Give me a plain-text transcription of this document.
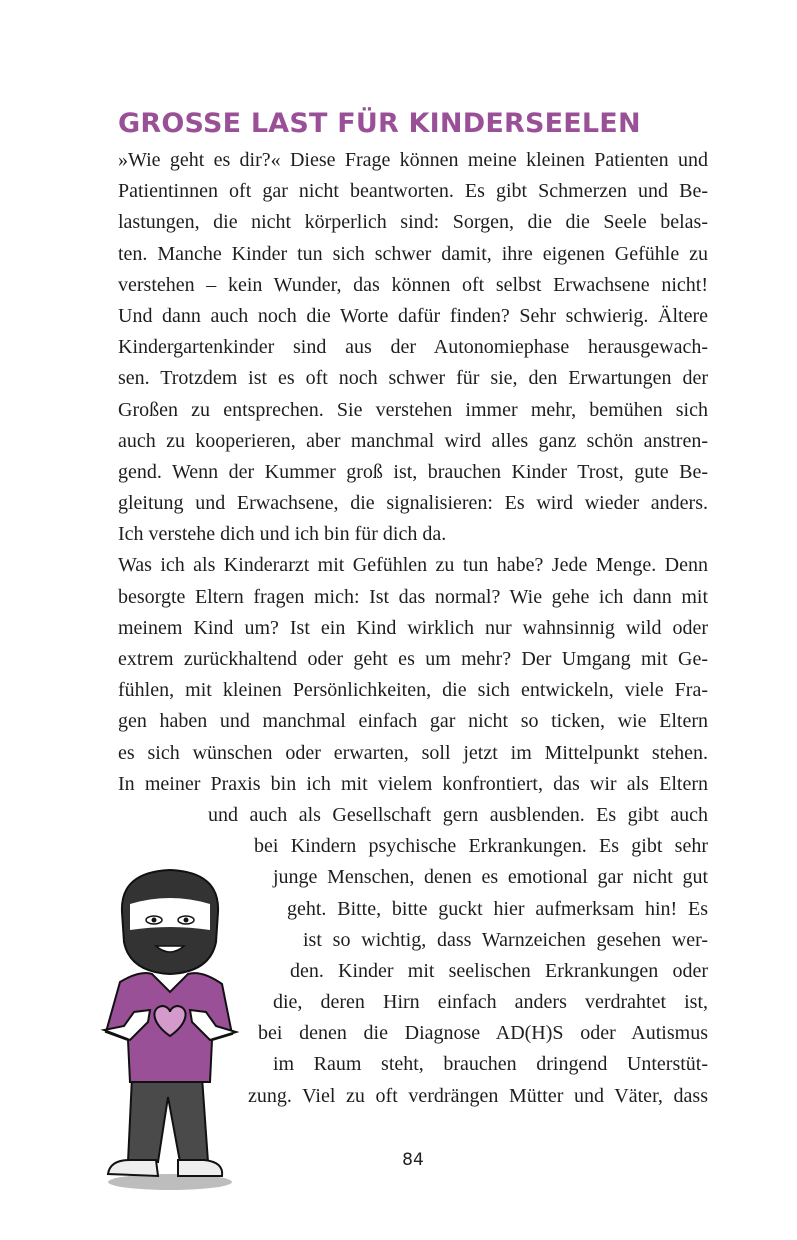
GROSSE LAST FÜR KINDERSEELEN
»Wie geht es dir?« Diese Frage können meine kleinen Patienten und
Patientinnen oft gar nicht beantworten. Es gibt Schmerzen und Be-
lastungen, die nicht körperlich sind: Sorgen, die die Seele belas-
ten. Manche Kinder tun sich schwer damit, ihre eigenen Gefühle zu
verstehen – kein Wunder, das können oft selbst Erwachsene nicht!
Und dann auch noch die Worte dafür finden? Sehr schwierig. Ältere
Kindergartenkinder sind aus der Autonomiephase herausgewach-
sen. Trotzdem ist es oft noch schwer für sie, den Erwartungen der
Großen zu entsprechen. Sie verstehen immer mehr, bemühen sich
auch zu kooperieren, aber manchmal wird alles ganz schön anstren-
gend. Wenn der Kummer groß ist, brauchen Kinder Trost, gute Be-
gleitung und Erwachsene, die signalisieren: Es wird wieder anders.
Ich verstehe dich und ich bin für dich da.
Was ich als Kinderarzt mit Gefühlen zu tun habe? Jede Menge. Denn
besorgte Eltern fragen mich: Ist das normal? Wie gehe ich dann mit
meinem Kind um? Ist ein Kind wirklich nur wahnsinnig wild oder
extrem zurückhaltend oder geht es um mehr? Der Umgang mit Ge-
fühlen, mit kleinen Persönlichkeiten, die sich entwickeln, viele Fra-
gen haben und manchmal einfach gar nicht so ticken, wie Eltern
es sich wünschen oder erwarten, soll jetzt im Mittelpunkt stehen.
In meiner Praxis bin ich mit vielem konfrontiert, das wir als Eltern
und auch als Gesellschaft gern ausblenden. Es gibt auch
bei Kindern psychische Erkrankungen. Es gibt sehr
junge Menschen, denen es emotional gar nicht gut
geht. Bitte, bitte guckt hier aufmerksam hin! Es
ist so wichtig, dass Warnzeichen gesehen wer-
den. Kinder mit seelischen Erkrankungen oder
die, deren Hirn einfach anders verdrahtet ist,
bei denen die Diagnose AD(H)S oder Autismus
im Raum steht, brauchen dringend Unterstüt-
zung. Viel zu oft verdrängen Mütter und Väter, dass
84
